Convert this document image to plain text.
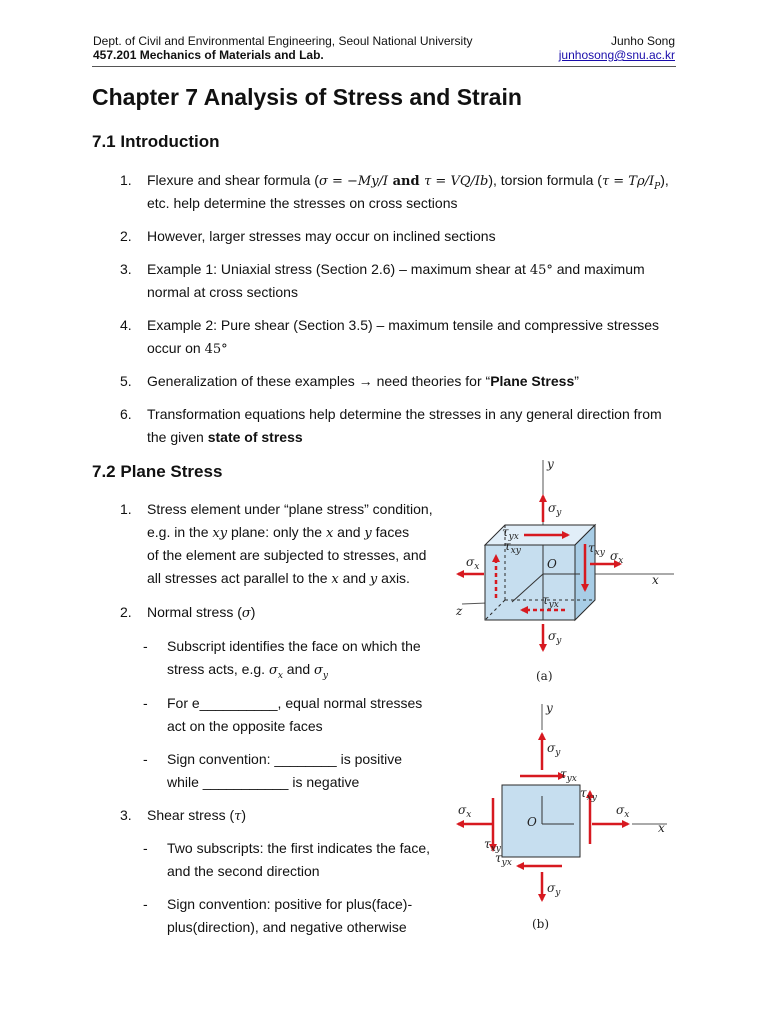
Dept. of Civil and Environmental Engineering, Seoul National University
457.201 Mechanics of Materials and Lab.
Junho Song
junhosong@snu.ac.kr
Chapter 7 Analysis of Stress and Strain
7.1 Introduction
1. Flexure and shear formula (σ = −My/I and τ = VQ/Ib), torsion formula $(\tau = T\rho/I_P)$,
etc. help determine the stresses on cross sections
2. However, larger stresses may occur on inclined sections
3. Example 1: Uniaxial stress (Section 2.6) – maximum shear at 45° and maximum
normal at cross sections
4. Example 2: Pure shear (Section 3.5) – maximum tensile and compressive stresses
occur on 45°
5. Generalization of these examples → need theories for “Plane Stress”
6. Transformation equations help determine the stresses in any general direction from
the given state of stress
7.2 Plane Stress
1. Stress element under “plane stress” condition,
e.g. in the xy plane: only the x and y faces
of the element are subjected to stresses, and
all stresses act parallel to the x and y axis.
2. Normal stress (σ)
- Subscript identifies the face on which the
stress acts, e.g. $\sigma_x$ and $\sigma_y$
- For e__________, equal normal stresses
act on the opposite faces
- Sign convention: ________ is positive
while ___________ is negative
3. Shear stress (τ)
- Two subscripts: the first indicates the face,
and the second direction
- Sign convention: positive for plus(face)-
plus(direction), and negative otherwise
y
x
z
O
$\sigma_y$
$\sigma_y$
$\sigma_x$
$\sigma_x$
$\tau_{yx}$
$\tau_{xy}$	$\tau_{xy}$
$\tau_{yx}$
(a)
y
x
O
$\sigma_y$
$\sigma_y$
$\sigma_x$	$\sigma_x$
$\tau_{yx}$
$\tau_{xy}$
$\tau_{xy}$
$\tau_{yx}$
(b)
